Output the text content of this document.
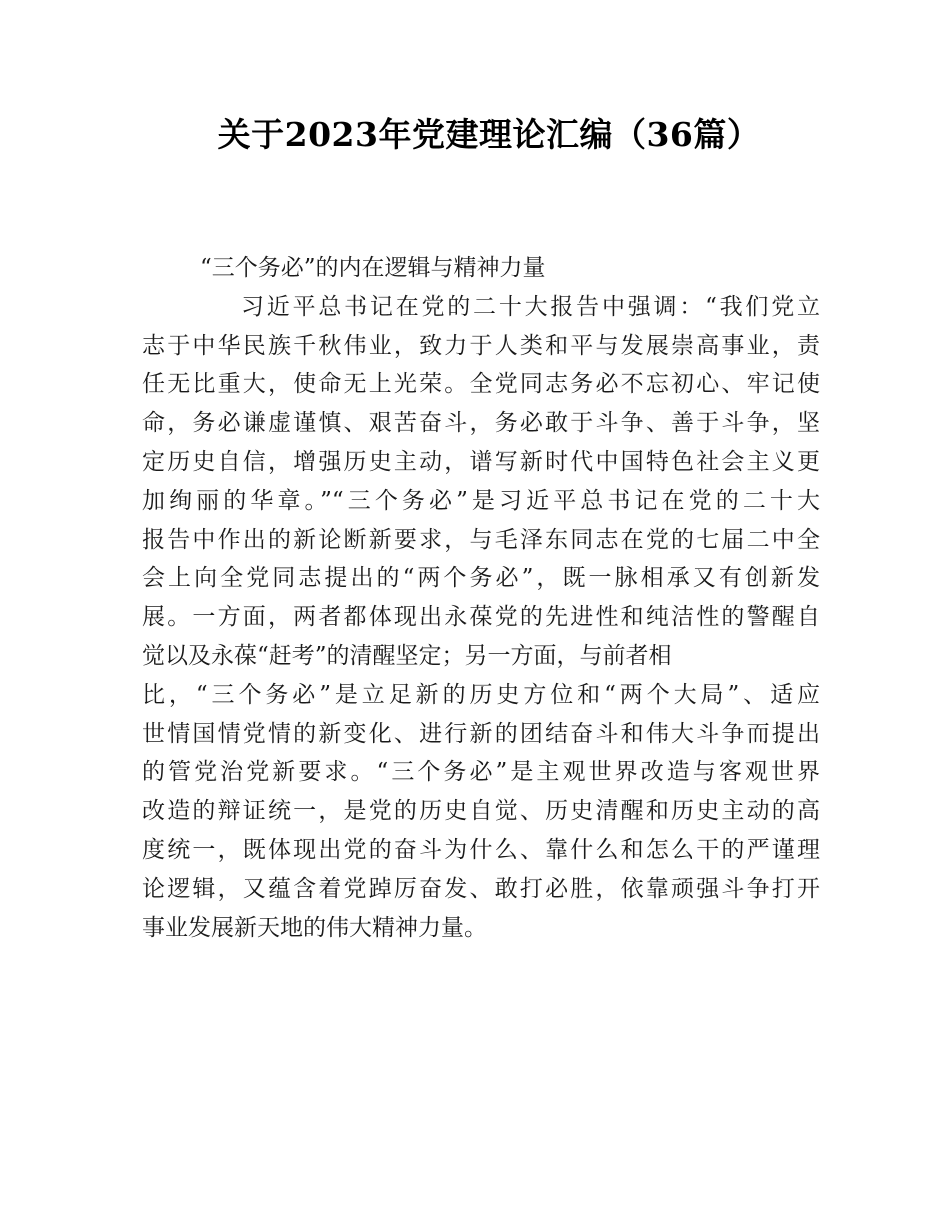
关于2023年党建理论汇编（36篇）
“三个务必”的内在逻辑与精神力量
习近平总书记在党的二十大报告中强调：“我们党立
志于中华民族千秋伟业，致力于人类和平与发展崇高事业，责
任无比重大，使命无上光荣。全党同志务必不忘初心、牢记使
命，务必谦虚谨慎、艰苦奋斗，务必敢于斗争、善于斗争，坚
定历史自信，增强历史主动，谱写新时代中国特色社会主义更
加绚丽的华章。”“三个务必”是习近平总书记在党的二十大
报告中作出的新论断新要求，与毛泽东同志在党的七届二中全
会上向全党同志提出的“两个务必”，既一脉相承又有创新发
展。一方面，两者都体现出永葆党的先进性和纯洁性的警醒自
觉以及永葆“赶考”的清醒坚定；另一方面，与前者相
比，“三个务必”是立足新的历史方位和“两个大局”、适应
世情国情党情的新变化、进行新的团结奋斗和伟大斗争而提出
的管党治党新要求。“三个务必”是主观世界改造与客观世界
改造的辩证统一，是党的历史自觉、历史清醒和历史主动的高
度统一，既体现出党的奋斗为什么、靠什么和怎么干的严谨理
论逻辑，又蕴含着党踔厉奋发、敢打必胜，依靠顽强斗争打开
事业发展新天地的伟大精神力量。
